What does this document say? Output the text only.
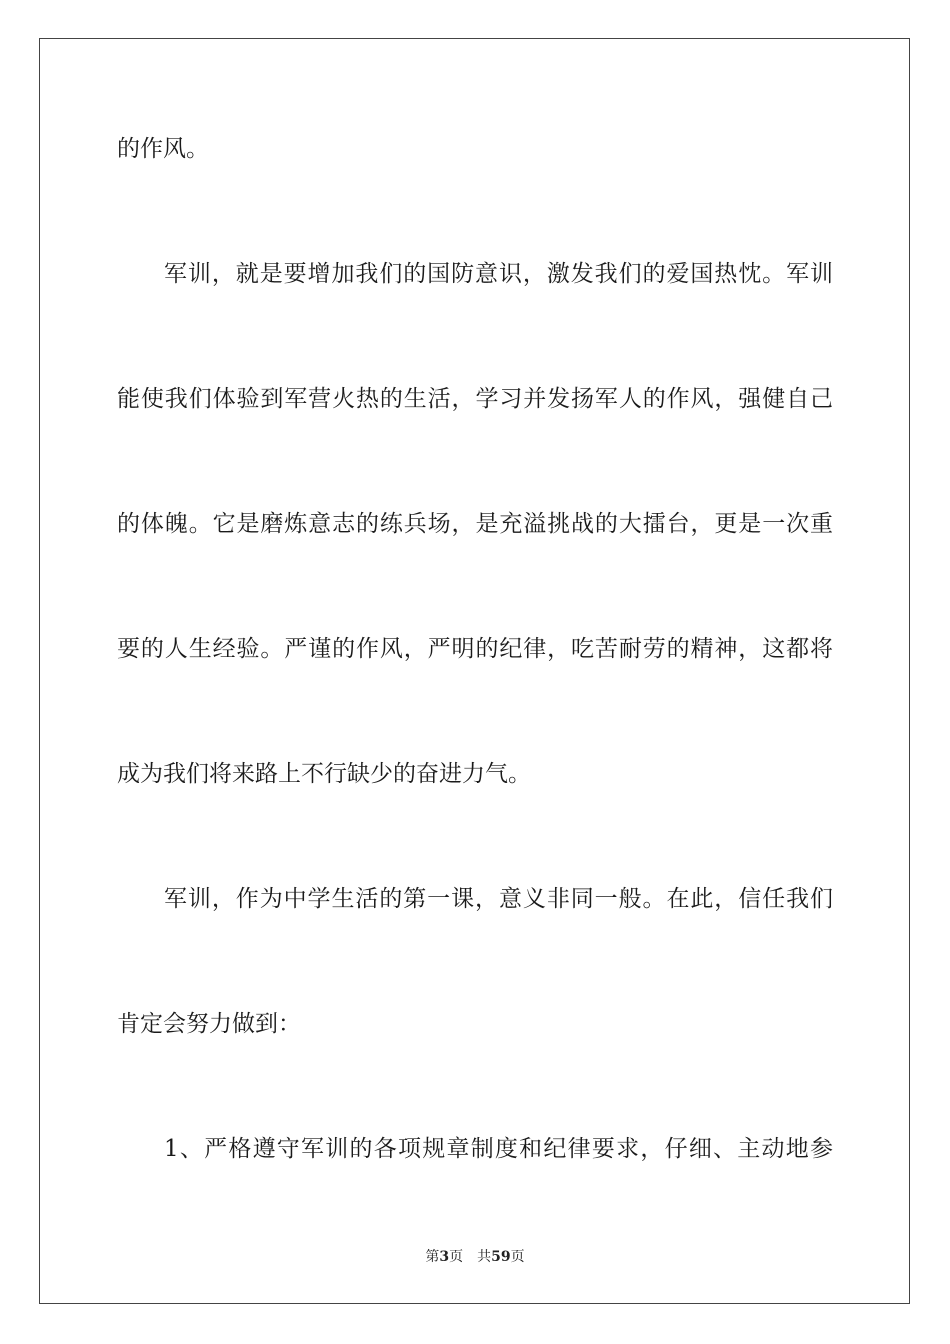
的作风。
军训，就是要增加我们的国防意识，激发我们的爱国热忱。军训
能使我们体验到军营火热的生活，学习并发扬军人的作风，强健自己
的体魄。它是磨炼意志的练兵场，是充溢挑战的大擂台，更是一次重
要的人生经验。严谨的作风，严明的纪律，吃苦耐劳的精神，这都将
成为我们将来路上不行缺少的奋进力气。
军训，作为中学生活的第一课，意义非同一般。在此，信任我们
肯定会努力做到：
1、严格遵守军训的各项规章制度和纪律要求，仔细、主动地参
第3页 共59页
